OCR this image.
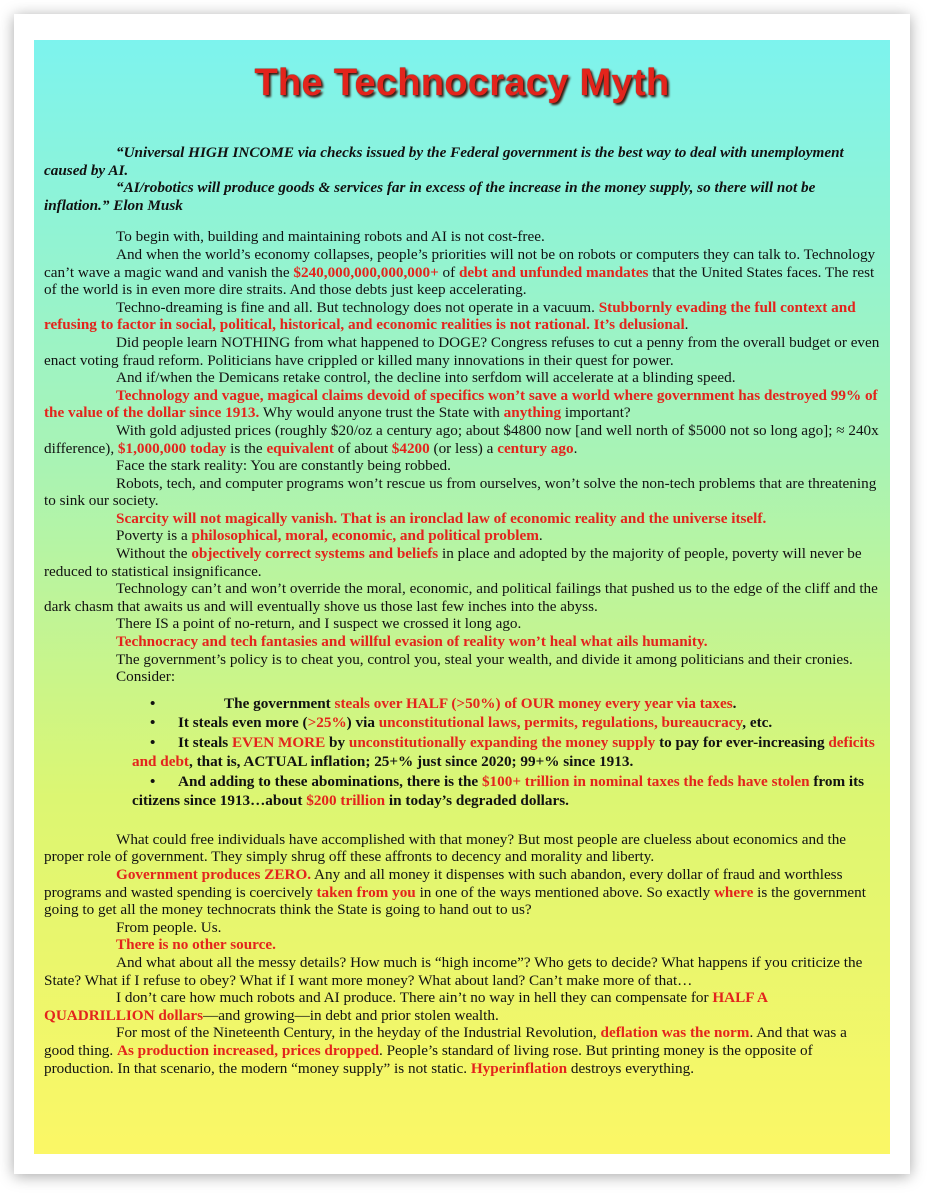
The Technocracy Myth

“Universal HIGH INCOME via checks issued by the Federal government is the best way to deal with unemployment caused by AI.

“AI/robotics will produce goods & services far in excess of the increase in the money supply, so there will not be inflation.” Elon Musk

To begin with, building and maintaining robots and AI is not cost-free.

And when the world’s economy collapses, people’s priorities will not be on robots or computers they can talk to. Technology can’t wave a magic wand and vanish the $240,000,000,000,000+ of debt and unfunded mandates that the United States faces. The rest of the world is in even more dire straits. And those debts just keep accelerating.

Techno-dreaming is fine and all. But technology does not operate in a vacuum. Stubbornly evading the full context and refusing to factor in social, political, historical, and economic realities is not rational. It’s delusional.

Did people learn NOTHING from what happened to DOGE? Congress refuses to cut a penny from the overall budget or even enact voting fraud reform. Politicians have crippled or killed many innovations in their quest for power.

And if/when the Demicans retake control, the decline into serfdom will accelerate at a blinding speed.

Technology and vague, magical claims devoid of specifics won’t save a world where government has destroyed 99% of the value of the dollar since 1913. Why would anyone trust the State with anything important?

With gold adjusted prices (roughly $20/oz a century ago; about $4800 now [and well north of $5000 not so long ago]; ≈ 240x difference), $1,000,000 today is the equivalent of about $4200 (or less) a century ago.

Face the stark reality: You are constantly being robbed.

Robots, tech, and computer programs won’t rescue us from ourselves, won’t solve the non-tech problems that are threatening to sink our society.

Scarcity will not magically vanish. That is an ironclad law of economic reality and the universe itself.

Poverty is a philosophical, moral, economic, and political problem.

Without the objectively correct systems and beliefs in place and adopted by the majority of people, poverty will never be reduced to statistical insignificance.

Technology can’t and won’t override the moral, economic, and political failings that pushed us to the edge of the cliff and the dark chasm that awaits us and will eventually shove us those last few inches into the abyss.

There IS a point of no-return, and I suspect we crossed it long ago.

Technocracy and tech fantasies and willful evasion of reality won’t heal what ails humanity.

The government’s policy is to cheat you, control you, steal your wealth, and divide it among politicians and their cronies.

Consider:

•	The government steals over HALF (>50%) of OUR money every year via taxes.
• It steals even more (>25%) via unconstitutional laws, permits, regulations, bureaucracy, etc.
• It steals EVEN MORE by unconstitutionally expanding the money supply to pay for ever-increasing deficits and debt, that is, ACTUAL inflation; 25+% just since 2020; 99+% since 1913.
• And adding to these abominations, there is the $100+ trillion in nominal taxes the feds have stolen from its citizens since 1913…about $200 trillion in today’s degraded dollars.

What could free individuals have accomplished with that money? But most people are clueless about economics and the proper role of government. They simply shrug off these affronts to decency and morality and liberty.

Government produces ZERO. Any and all money it dispenses with such abandon, every dollar of fraud and worthless programs and wasted spending is coercively taken from you in one of the ways mentioned above. So exactly where is the government going to get all the money technocrats think the State is going to hand out to us?

From people. Us.

There is no other source.

And what about all the messy details? How much is “high income”? Who gets to decide? What happens if you criticize the State? What if I refuse to obey? What if I want more money? What about land? Can’t make more of that…

I don’t care how much robots and AI produce. There ain’t no way in hell they can compensate for HALF A QUADRILLION dollars—and growing—in debt and prior stolen wealth.

For most of the Nineteenth Century, in the heyday of the Industrial Revolution, deflation was the norm. And that was a good thing. As production increased, prices dropped. People’s standard of living rose. But printing money is the opposite of production. In that scenario, the modern “money supply” is not static. Hyperinflation destroys everything.
